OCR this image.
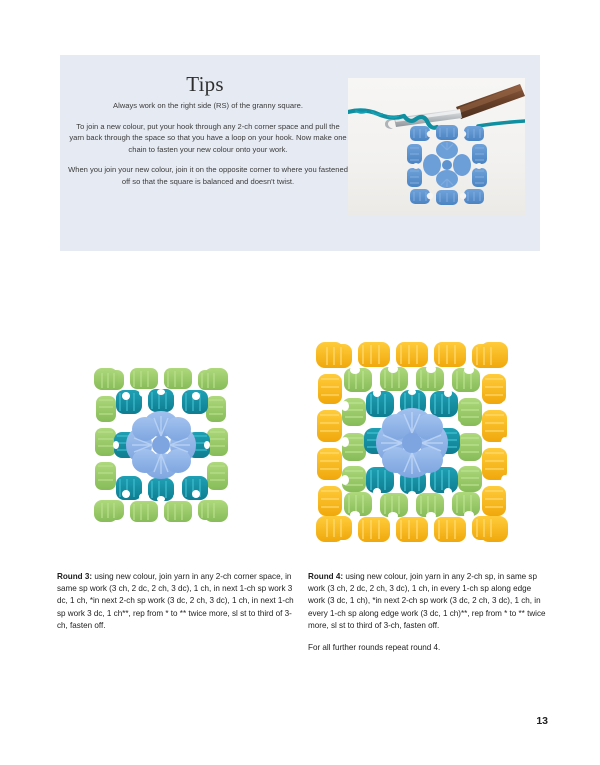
Tips

Always work on the right side (RS) of the granny square.

To join a new colour, put your hook through any 2-ch corner space and pull the yarn back through the space so that you have a loop on your hook. Now make one chain to fasten your new colour onto your work.

When you join your new colour, join it on the opposite corner to where you fastened off so that the square is balanced and doesn't twist.

Round 3: using new colour, join yarn in any 2-ch corner space, in same sp work (3 ch, 2 dc, 2 ch, 3 dc), 1 ch, in next 1-ch sp work 3 dc, 1 ch, *in next 2-ch sp work (3 dc, 2 ch, 3 dc), 1 ch, in next 1-ch sp work 3 dc, 1 ch**, rep from * to ** twice more, sl st to third of 3-ch, fasten off.

Round 4: using new colour, join yarn in any 2-ch sp, in same sp work (3 ch, 2 dc, 2 ch, 3 dc), 1 ch, in every 1-ch sp along edge work (3 dc, 1 ch), *in next 2-ch sp work (3 dc, 2 ch, 3 dc), 1 ch, in every 1-ch sp along edge work (3 dc, 1 ch)**, rep from * to ** twice more, sl st to third of 3-ch, fasten off.

For all further rounds repeat round 4.

13
